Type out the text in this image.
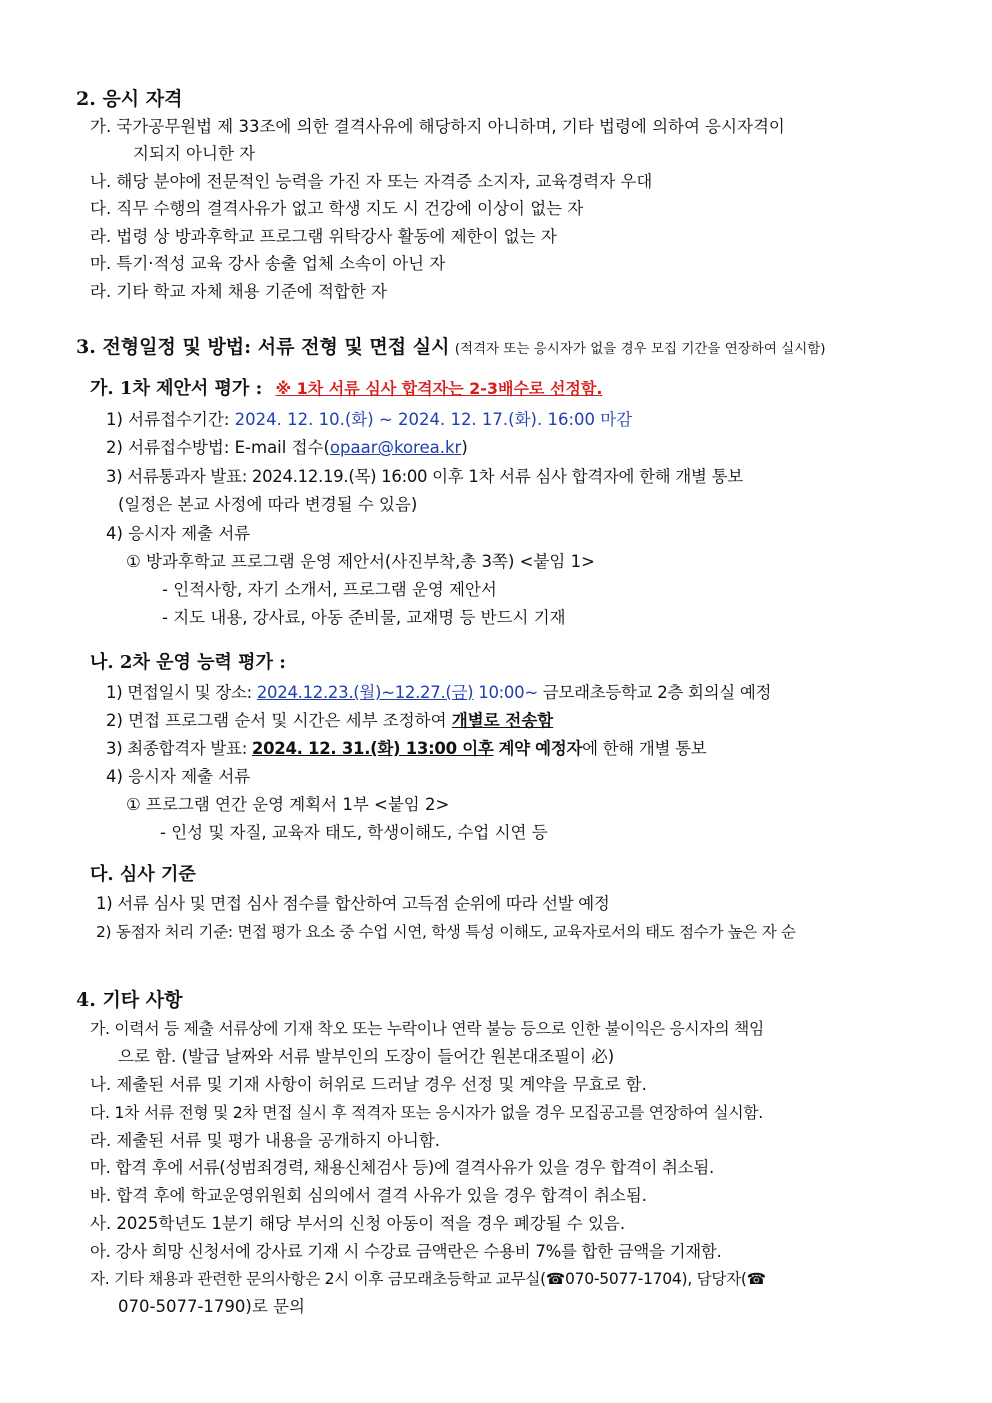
2. 응시 자격
가. 국가공무원법 제 33조에 의한 결격사유에 해당하지 아니하며, 기타 법령에 의하여 응시자격이
지되지 아니한 자
나. 해당 분야에 전문적인 능력을 가진 자 또는 자격증 소지자, 교육경력자 우대
다. 직무 수행의 결격사유가 없고 학생 지도 시 건강에 이상이 없는 자
라. 법령 상 방과후학교 프로그램 위탁강사 활동에 제한이 없는 자
마. 특기·적성 교육 강사 송출 업체 소속이 아닌 자
라. 기타 학교 자체 채용 기준에 적합한 자
3. 전형일정 및 방법: 서류 전형 및 면접 실시 (적격자 또는 응시자가 없을 경우 모집 기간을 연장하여 실시함)
가. 1차 제안서 평가 : ※ 1차 서류 심사 합격자는 2-3배수로 선정함.
1) 서류접수기간: 2024. 12. 10.(화) ~ 2024. 12. 17.(화). 16:00 마감
2) 서류접수방법: E-mail 접수(opaar@korea.kr)
3) 서류통과자 발표: 2024.12.19.(목) 16:00 이후 1차 서류 심사 합격자에 한해 개별 통보
(일정은 본교 사정에 따라 변경될 수 있음)
4) 응시자 제출 서류
① 방과후학교 프로그램 운영 제안서(사진부착,총 3쪽) <붙임 1>
- 인적사항, 자기 소개서, 프로그램 운영 제안서
- 지도 내용, 강사료, 아동 준비물, 교재명 등 반드시 기재
나. 2차 운영 능력 평가 :
1) 면접일시 및 장소: 2024.12.23.(월)~12.27.(금) 10:00~ 금모래초등학교 2층 회의실 예정
2) 면접 프로그램 순서 및 시간은 세부 조정하여 개별로 전송함
3) 최종합격자 발표: 2024. 12. 31.(화) 13:00 이후 계약 예정자에 한해 개별 통보
4) 응시자 제출 서류
① 프로그램 연간 운영 계획서 1부 <붙임 2>
- 인성 및 자질, 교육자 태도, 학생이해도, 수업 시연 등
다. 심사 기준
1) 서류 심사 및 면접 심사 점수를 합산하여 고득점 순위에 따라 선발 예정
2) 동점자 처리 기준: 면접 평가 요소 중 수업 시연, 학생 특성 이해도, 교육자로서의 태도 점수가 높은 자 순
4. 기타 사항
가. 이력서 등 제출 서류상에 기재 착오 또는 누락이나 연락 불능 등으로 인한 불이익은 응시자의 책임
으로 함. (발급 날짜와 서류 발부인의 도장이 들어간 원본대조필이 必)
나. 제출된 서류 및 기재 사항이 허위로 드러날 경우 선정 및 계약을 무효로 함.
다. 1차 서류 전형 및 2차 면접 실시 후 적격자 또는 응시자가 없을 경우 모집공고를 연장하여 실시함.
라. 제출된 서류 및 평가 내용을 공개하지 아니함.
마. 합격 후에 서류(성범죄경력, 채용신체검사 등)에 결격사유가 있을 경우 합격이 취소됨.
바. 합격 후에 학교운영위원회 심의에서 결격 사유가 있을 경우 합격이 취소됨.
사. 2025학년도 1분기 해당 부서의 신청 아동이 적을 경우 폐강될 수 있음.
아. 강사 희망 신청서에 강사료 기재 시 수강료 금액란은 수용비 7%를 합한 금액을 기재함.
자. 기타 채용과 관련한 문의사항은 2시 이후 금모래초등학교 교무실(☎070-5077-1704), 담당자(☎
070-5077-1790)로 문의
